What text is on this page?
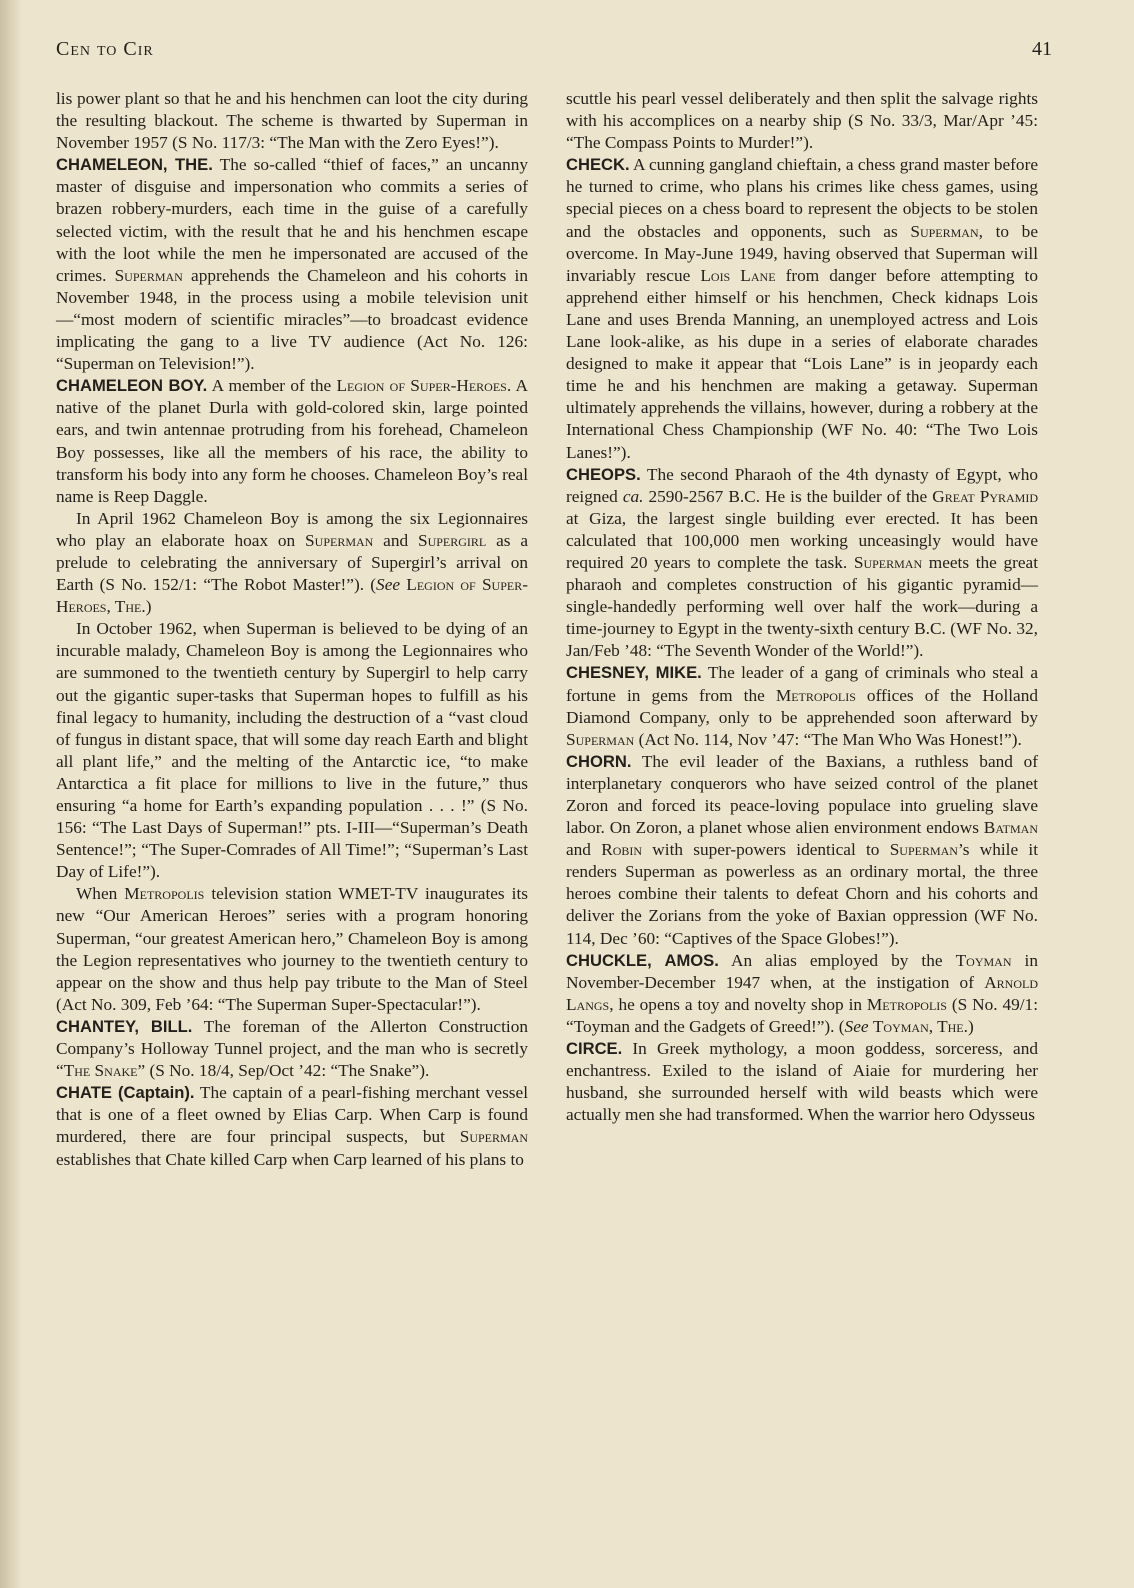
Cen to Cir	41

lis power plant so that he and his henchmen can loot the city during the resulting blackout. The scheme is thwarted by Superman in November 1957 (S No. 117/3: “The Man with the Zero Eyes!”).

CHAMELEON, THE. The so-called “thief of faces,” an uncanny master of disguise and impersonation who commits a series of brazen robbery-murders, each time in the guise of a carefully selected victim, with the result that he and his henchmen escape with the loot while the men he impersonated are accused of the crimes. Superman apprehends the Chameleon and his cohorts in November 1948, in the process using a mobile television unit—“most modern of scientific miracles”—to broadcast evidence implicating the gang to a live TV audience (Act No. 126: “Superman on Television!”).

CHAMELEON BOY. A member of the Legion of Super-Heroes. A native of the planet Durla with gold-colored skin, large pointed ears, and twin antennae protruding from his forehead, Chameleon Boy possesses, like all the members of his race, the ability to transform his body into any form he chooses. Chameleon Boy’s real name is Reep Daggle.

In April 1962 Chameleon Boy is among the six Legionnaires who play an elaborate hoax on Superman and Supergirl as a prelude to celebrating the anniversary of Supergirl’s arrival on Earth (S No. 152/1: “The Robot Master!”). (See Legion of Super-Heroes, The.)

In October 1962, when Superman is believed to be dying of an incurable malady, Chameleon Boy is among the Legionnaires who are summoned to the twentieth century by Supergirl to help carry out the gigantic super-tasks that Superman hopes to fulfill as his final legacy to humanity, including the destruction of a “vast cloud of fungus in distant space, that will some day reach Earth and blight all plant life,” and the melting of the Antarctic ice, “to make Antarctica a fit place for millions to live in the future,” thus ensuring “a home for Earth’s expanding population . . . !” (S No. 156: “The Last Days of Superman!” pts. I-III—“Superman’s Death Sentence!”; “The Super-Comrades of All Time!”; “Superman’s Last Day of Life!”).

When Metropolis television station WMET-TV inaugurates its new “Our American Heroes” series with a program honoring Superman, “our greatest American hero,” Chameleon Boy is among the Legion representatives who journey to the twentieth century to appear on the show and thus help pay tribute to the Man of Steel (Act No. 309, Feb ’64: “The Superman Super-Spectacular!”).

CHANTEY, BILL. The foreman of the Allerton Construction Company’s Holloway Tunnel project, and the man who is secretly “The Snake” (S No. 18/4, Sep/Oct ’42: “The Snake”).

CHATE (Captain). The captain of a pearl-fishing merchant vessel that is one of a fleet owned by Elias Carp. When Carp is found murdered, there are four principal suspects, but Superman establishes that Chate killed Carp when Carp learned of his plans to

scuttle his pearl vessel deliberately and then split the salvage rights with his accomplices on a nearby ship (S No. 33/3, Mar/Apr ’45: “The Compass Points to Murder!”).

CHECK. A cunning gangland chieftain, a chess grand master before he turned to crime, who plans his crimes like chess games, using special pieces on a chess board to represent the objects to be stolen and the obstacles and opponents, such as Superman, to be overcome. In May-June 1949, having observed that Superman will invariably rescue Lois Lane from danger before attempting to apprehend either himself or his henchmen, Check kidnaps Lois Lane and uses Brenda Manning, an unemployed actress and Lois Lane look-alike, as his dupe in a series of elaborate charades designed to make it appear that “Lois Lane” is in jeopardy each time he and his henchmen are making a getaway. Superman ultimately apprehends the villains, however, during a robbery at the International Chess Championship (WF No. 40: “The Two Lois Lanes!”).

CHEOPS. The second Pharaoh of the 4th dynasty of Egypt, who reigned ca. 2590-2567 B.C. He is the builder of the Great Pyramid at Giza, the largest single building ever erected. It has been calculated that 100,000 men working unceasingly would have required 20 years to complete the task. Superman meets the great pharaoh and completes construction of his gigantic pyramid—single-handedly performing well over half the work—during a time-journey to Egypt in the twenty-sixth century B.C. (WF No. 32, Jan/Feb ’48: “The Seventh Wonder of the World!”).

CHESNEY, MIKE. The leader of a gang of criminals who steal a fortune in gems from the Metropolis offices of the Holland Diamond Company, only to be apprehended soon afterward by Superman (Act No. 114, Nov ’47: “The Man Who Was Honest!”).

CHORN. The evil leader of the Baxians, a ruthless band of interplanetary conquerors who have seized control of the planet Zoron and forced its peace-loving populace into grueling slave labor. On Zoron, a planet whose alien environment endows Batman and Robin with super-powers identical to Superman’s while it renders Superman as powerless as an ordinary mortal, the three heroes combine their talents to defeat Chorn and his cohorts and deliver the Zorians from the yoke of Baxian oppression (WF No. 114, Dec ’60: “Captives of the Space Globes!”).

CHUCKLE, AMOS. An alias employed by the Toyman in November-December 1947 when, at the instigation of Arnold Langs, he opens a toy and novelty shop in Metropolis (S No. 49/1: “Toyman and the Gadgets of Greed!”). (See Toyman, The.)

CIRCE. In Greek mythology, a moon goddess, sorceress, and enchantress. Exiled to the island of Aiaie for murdering her husband, she surrounded herself with wild beasts which were actually men she had transformed. When the warrior hero Odysseus
